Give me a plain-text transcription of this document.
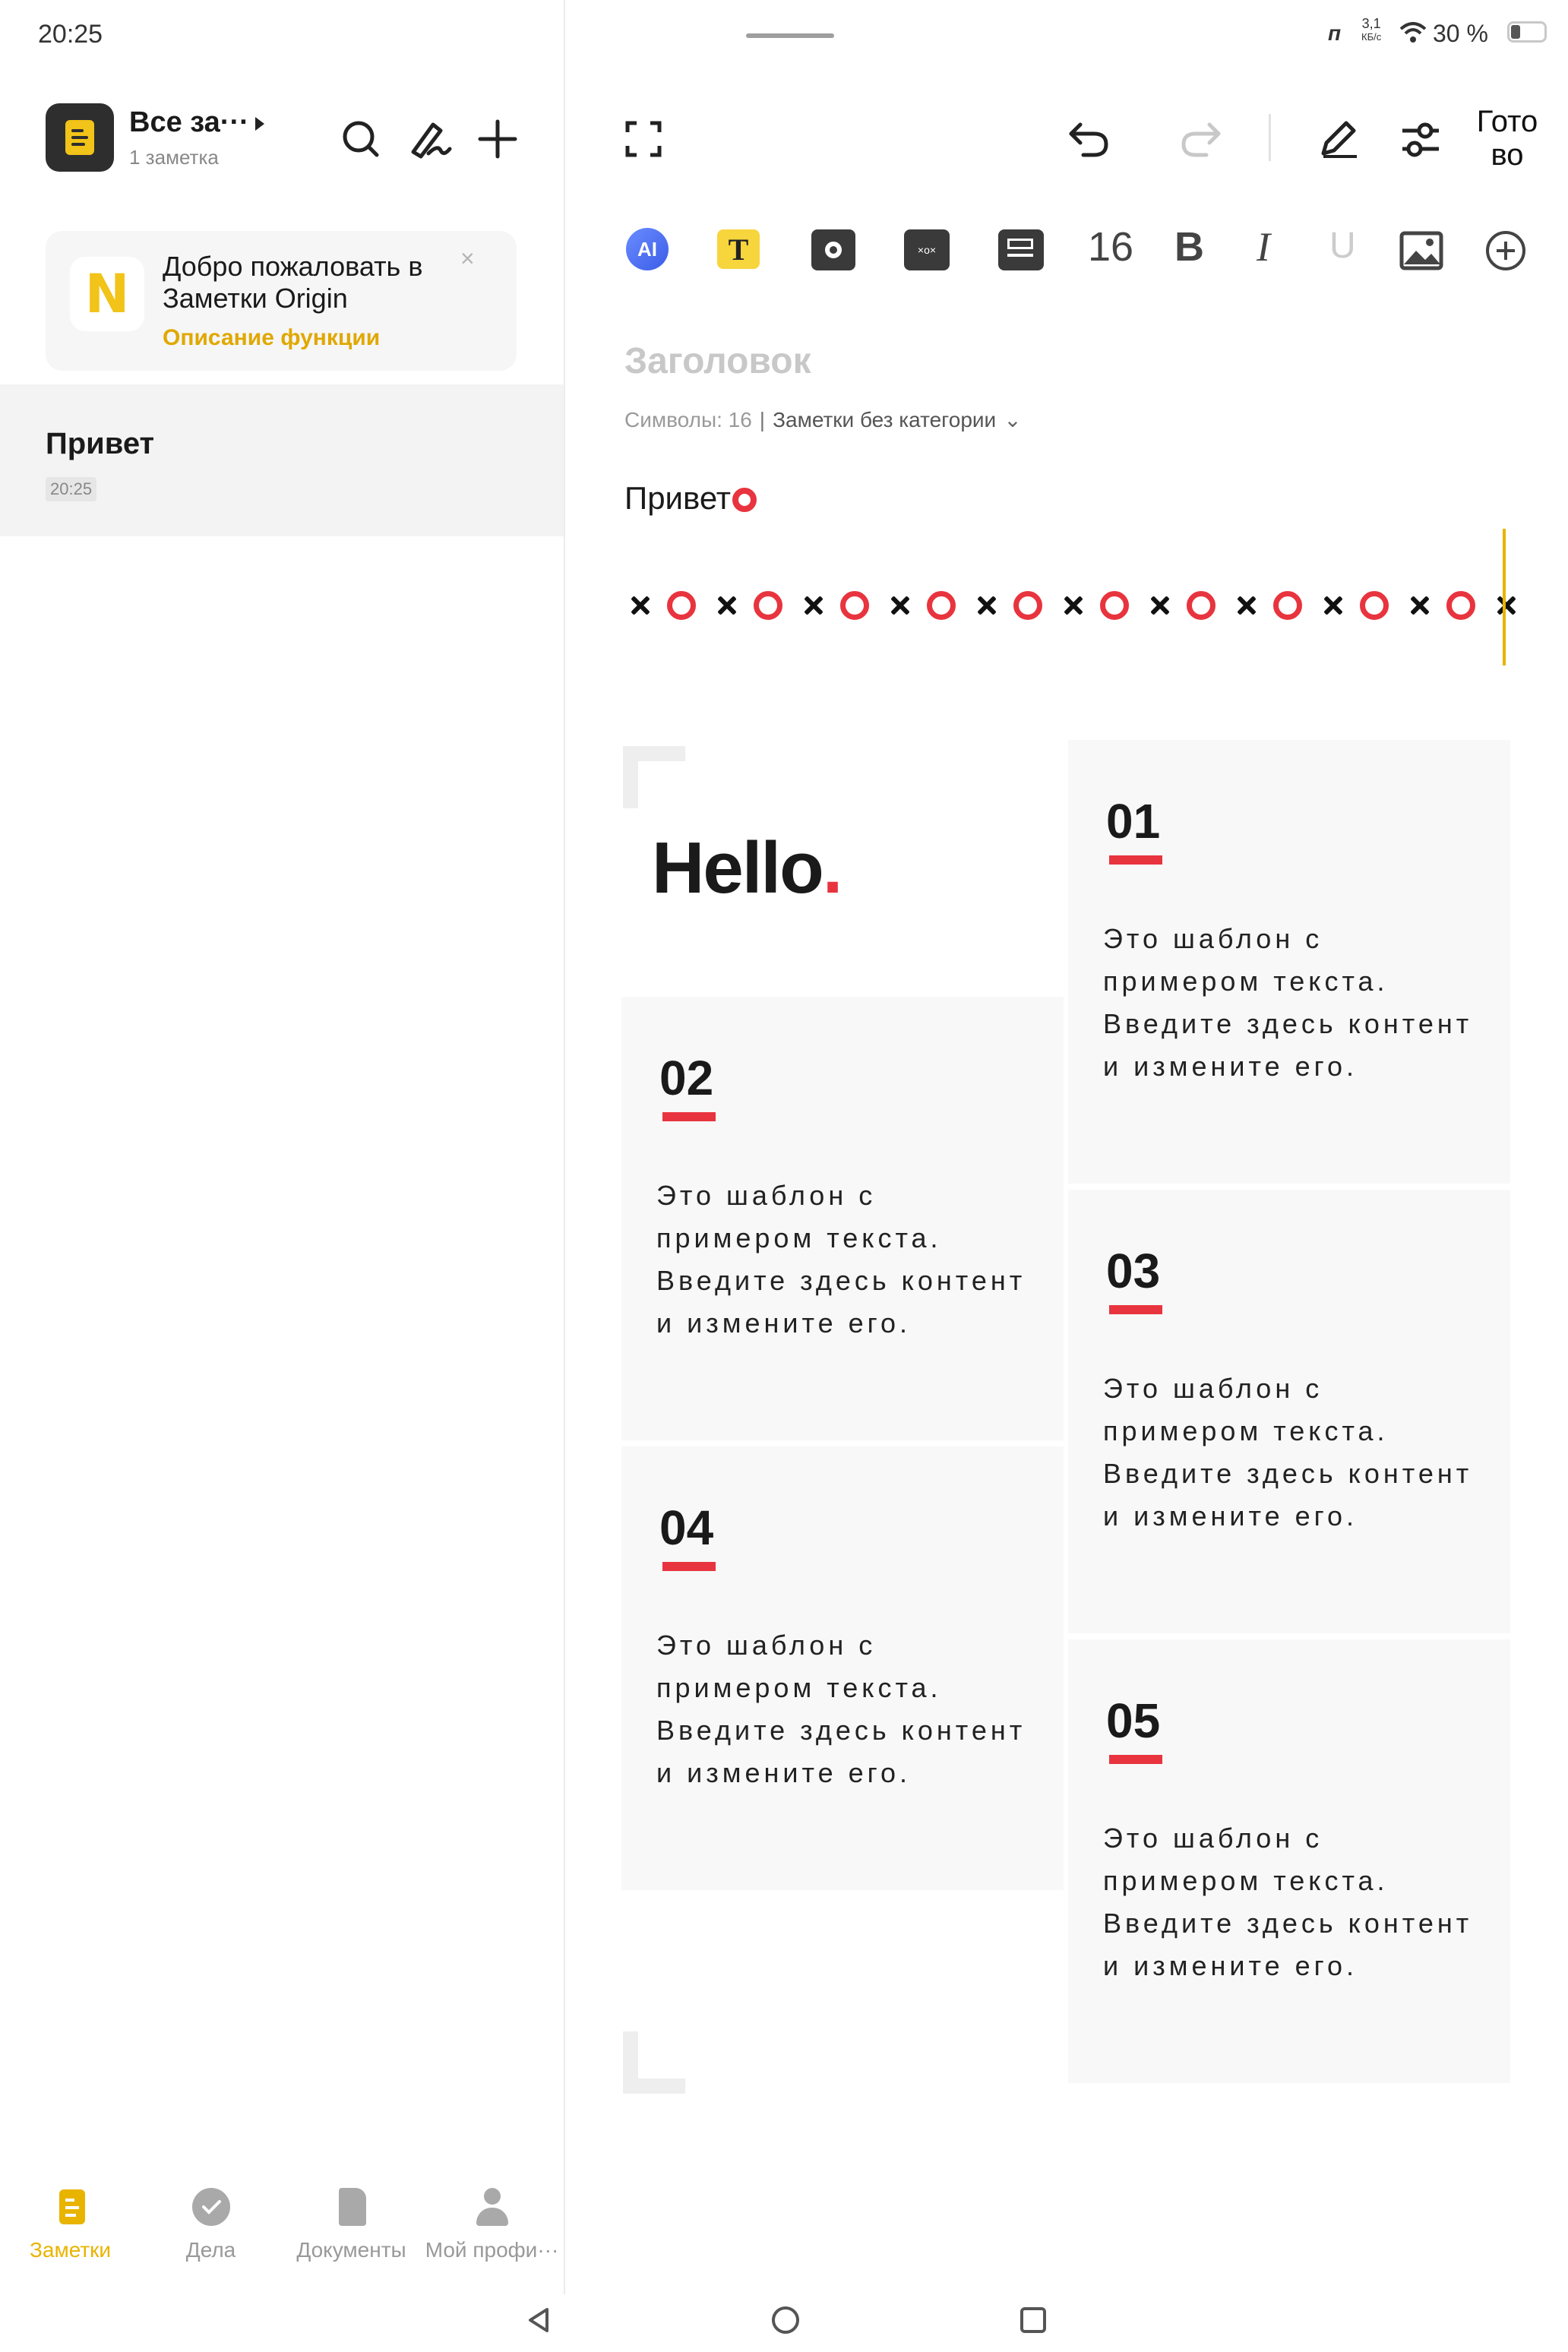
20:25
Все за···
1 заметка
N Добро пожаловать в Заметки Origin
Описание функции
×
Привет
20:25
Заметки	Дела	Документы Мой профи···
ᴨ 3,1
КБ/с 30 %
Гото
во
AI	T	×o×	16 B I U
Заголовок
Символы: 16 | Заметки без категории ⌄
Привет
Hello.
01
Это шаблон с примером текста. Введите здесь контент и измените его.
02
Это шаблон с примером текста. Введите здесь контент и измените его.
03
Это шаблон с примером текста. Введите здесь контент и измените его.
04
Это шаблон с примером текста. Введите здесь контент и измените его.
05
Это шаблон с примером текста. Введите здесь контент и измените его.
